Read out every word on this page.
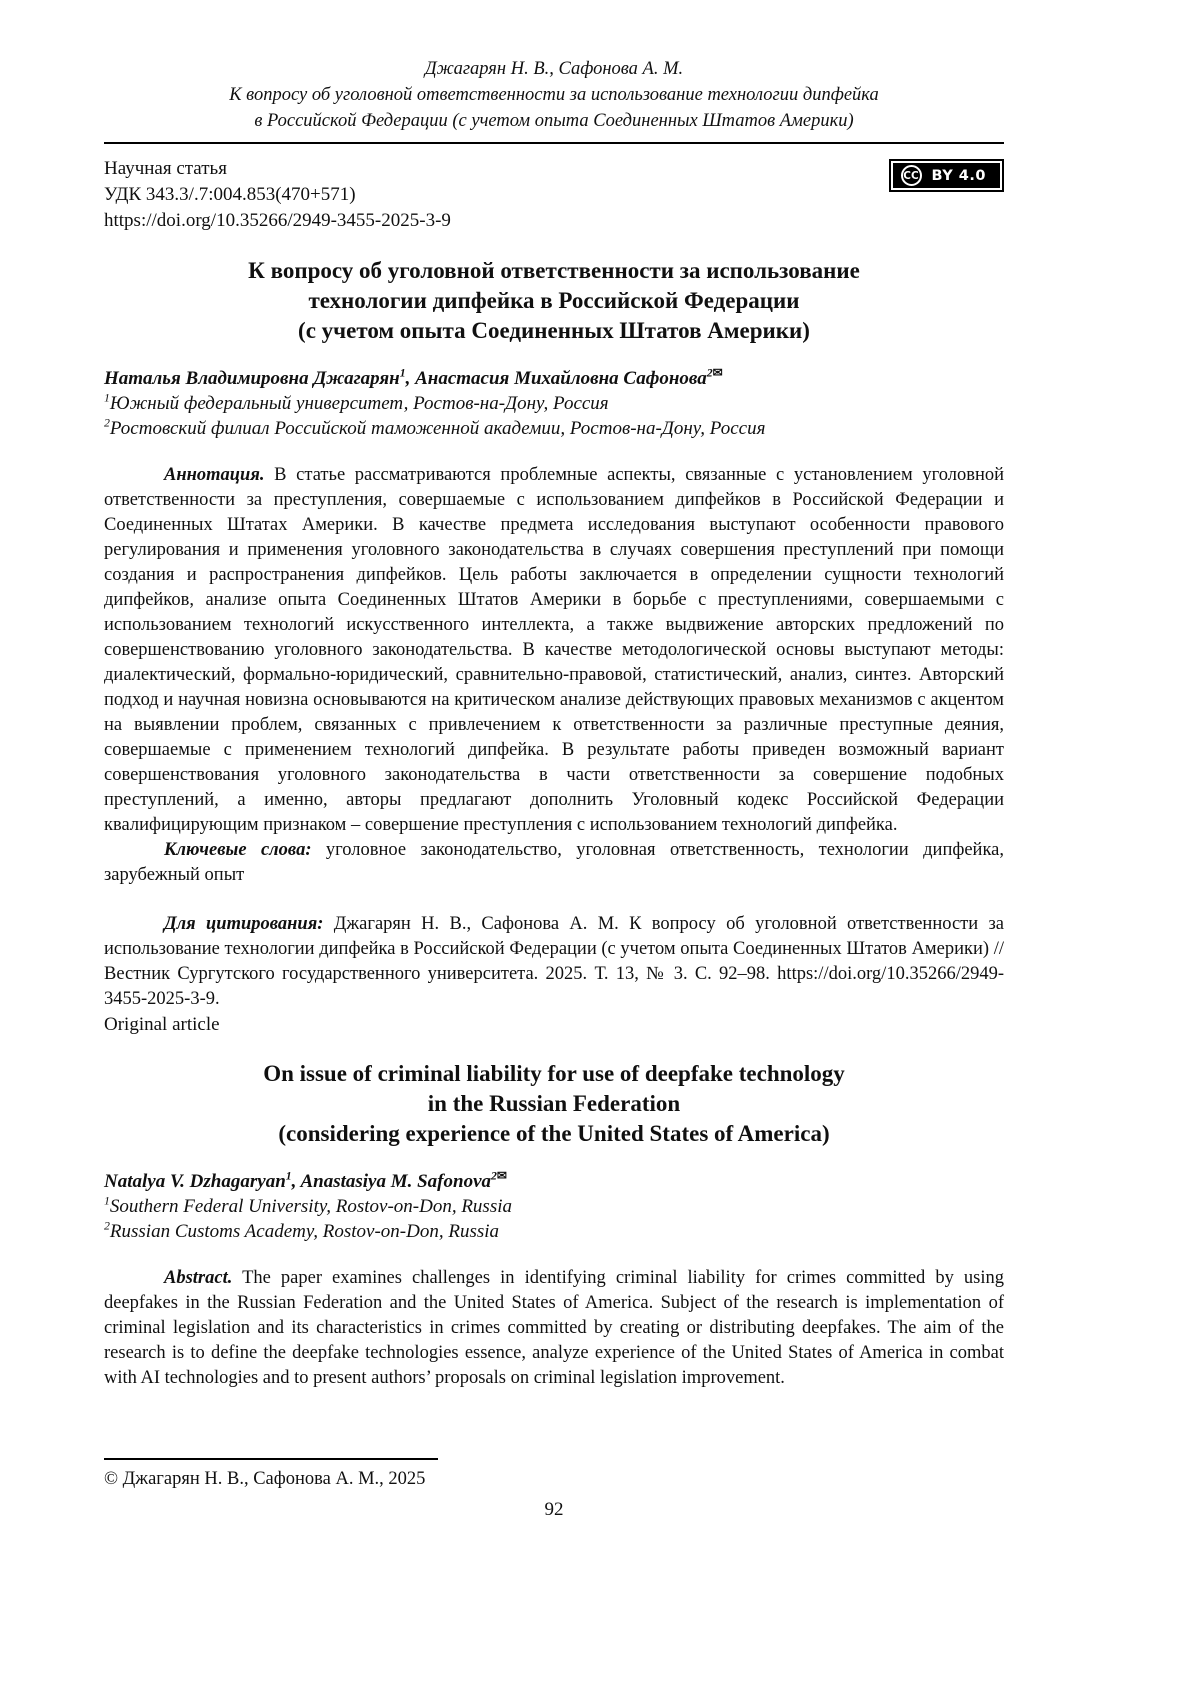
Джагарян Н. В., Сафонова А. М.
К вопросу об уголовной ответственности за использование технологии дипфейка
в Российской Федерации (с учетом опыта Соединенных Штатов Америки)
Научная статья
УДК 343.3/.7:004.853(470+571)
https://doi.org/10.35266/2949-3455-2025-3-9
CC BY 4.0
К вопросу об уголовной ответственности за использование
технологии дипфейка в Российской Федерации
(с учетом опыта Соединенных Штатов Америки)

Наталья Владимировна Джагарян$^1$, Анастасия Михайловна Сафонова$^{2✉}$

$^1$Южный федеральный университет, Ростов-на-Дону, Россия

$^2$Ростовский филиал Российской таможенной академии, Ростов-на-Дону, Россия

Аннотация. В статье рассматриваются проблемные аспекты, связанные с установлением уголовной ответственности за преступления, совершаемые с использованием дипфейков в Российской Федерации и Соединенных Штатах Америки. В качестве предмета исследования выступают особенности правового регулирования и применения уголовного законодательства в случаях совершения преступлений при помощи создания и распространения дипфейков. Цель работы заключается в определении сущности технологий дипфейков, анализе опыта Соединенных Штатов Америки в борьбе с преступлениями, совершаемыми с использованием технологий искусственного интеллекта, а также выдвижение авторских предложений по совершенствованию уголовного законодательства. В качестве методологической основы выступают методы: диалектический, формально-юридический, сравнительно-правовой, статистический, анализ, синтез. Авторский подход и научная новизна основываются на критическом анализе действующих правовых механизмов с акцентом на выявлении проблем, связанных с привлечением к ответственности за различные преступные деяния, совершаемые с применением технологий дипфейка. В результате работы приведен возможный вариант совершенствования уголовного законодательства в части ответственности за совершение подобных преступлений, а именно, авторы предлагают дополнить Уголовный кодекс Российской Федерации квалифицирующим признаком – совершение преступления с использованием технологий дипфейка.

Ключевые слова: уголовное законодательство, уголовная ответственность, технологии дипфейка, зарубежный опыт

Для цитирования: Джагарян Н. В., Сафонова А. М. К вопросу об уголовной ответственности за использование технологии дипфейка в Российской Федерации (с учетом опыта Соединенных Штатов Америки) // Вестник Сургутского государственного университета. 2025. Т. 13, № 3. С. 92–98. https://doi.org/10.35266/2949-3455-2025-3-9.

Original article

On issue of criminal liability for use of deepfake technology
in the Russian Federation
(considering experience of the United States of America)

Natalya V. Dzhagaryan$^1$, Anastasiya M. Safonova$^{2✉}$

$^1$Southern Federal University, Rostov-on-Don, Russia

$^2$Russian Customs Academy, Rostov-on-Don, Russia

Abstract. The paper examines challenges in identifying criminal liability for crimes committed by using deepfakes in the Russian Federation and the United States of America. Subject of the research is implementation of criminal legislation and its characteristics in crimes committed by creating or distributing deepfakes. The aim of the research is to define the deepfake technologies essence, analyze experience of the United States of America in combat with AI technologies and to present authors’ proposals on criminal legislation improvement.

© Джагарян Н. В., Сафонова А. М., 2025
92
